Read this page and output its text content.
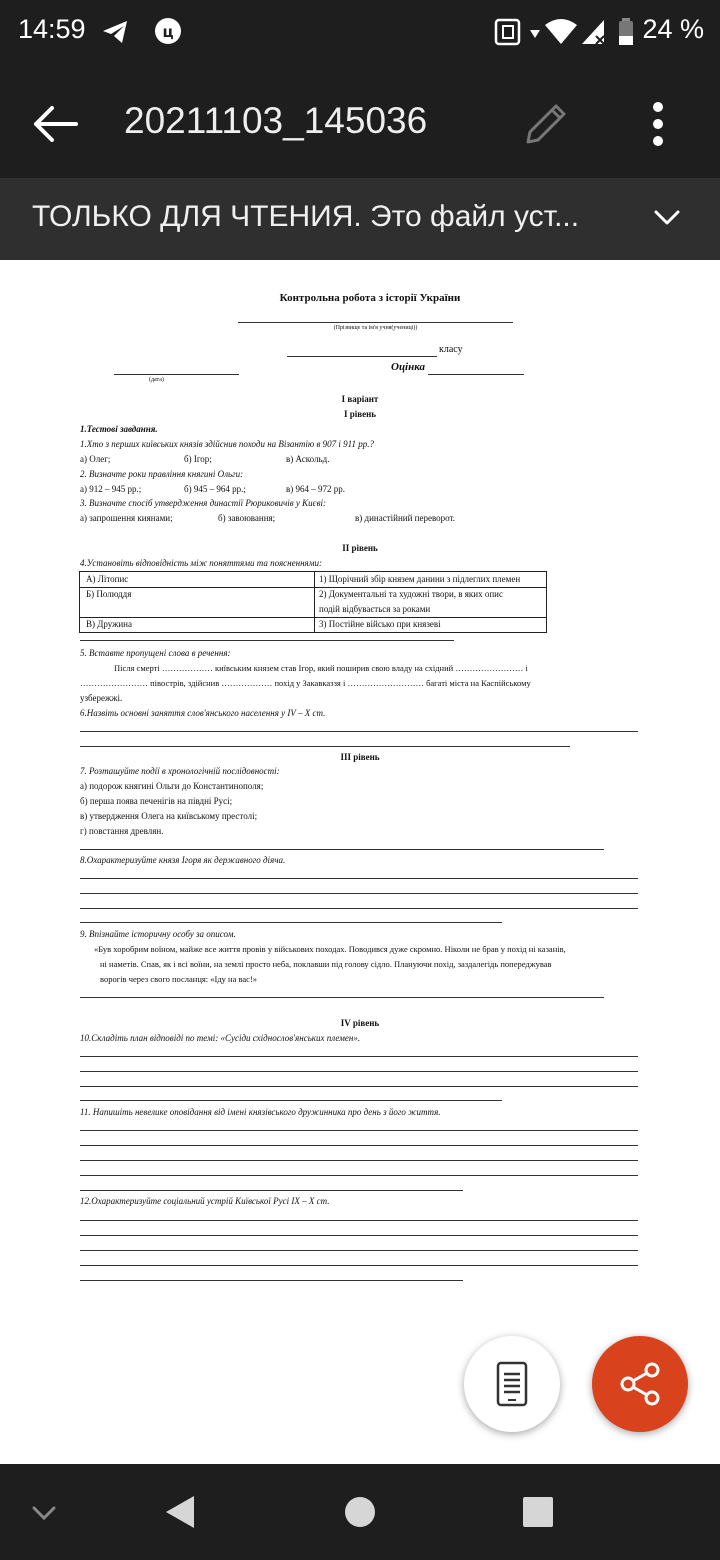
14:59	ц	24 %
20211103_145036
ТОЛЬКО ДЛЯ ЧТЕНИЯ. Это файл уст...
Контрольна робота з історії України
(Прізвище та ім'я учня(учениці))
класу
(дата)
Оцінка
І варіант
І рівень
1.Тестові завдання.
1.Хто з перших київських князів здійснив походи на Візантію в 907 і 911 рр.?
а) Олег;	б) Ігор;	в) Аскольд.
2. Визначте роки правління княгині Ольги:
а) 912 – 945 рр.;	б) 945 – 964 рр.;	в) 964 – 972 рр.
3. Визначте спосіб утвердження династії Рюриковичів у Києві:
а) запрошення киянами;	б) завоювання;	в) династійний переворот.
ІІ рівень
4.Установіть відповідність між поняттями та поясненнями:
А) Літопис	1) Щорічний збір князем данини з підлеглих племен
Б) Полюддя	2) Документальні та художні твори, в яких опис
подій відбувається за роками
В) Дружина	3) Постійне військо при князеві
5. Вставте пропущені слова в речення:
Після смерті ……………… київським князем став Ігор, який поширив свою владу на східний …………………… і
…………………… півострів, здійснив ……………… похід у Закавказзя і ……………………… багаті міста на Каспійському
узбережжі.
6.Назвіть основні заняття слов'янського населення у IV – X ст.
ІІІ рівень
7. Розташуйте події в хронологічній послідовності:
а) подорож княгині Ольги до Константинополя;
б) перша поява печенігів на півдні Русі;
в) утвердження Олега на київському престолі;
г) повстання древлян.
8.Охарактеризуйте князя Ігоря як державного діяча.
9. Впізнайте історичну особу за описом.
«Був хоробрим воїном, майже все життя провів у військових походах. Поводився дуже скромно. Ніколи не брав у похід ні казанів,
ні наметів. Спав, як і всі воїни, на землі просто неба, поклавши під голову сідло. Плануючи похід, заздалегідь попереджував
ворогів через свого посланця: «Іду на вас!»
IV рівень
10.Складіть план відповіді по темі: «Сусіди східнослов'янських племен».
11. Напишіть невелике оповідання від імені князівського дружинника про день з його життя.
12.Охарактеризуйте соціальний устрій Київської Русі IX – X ст.
